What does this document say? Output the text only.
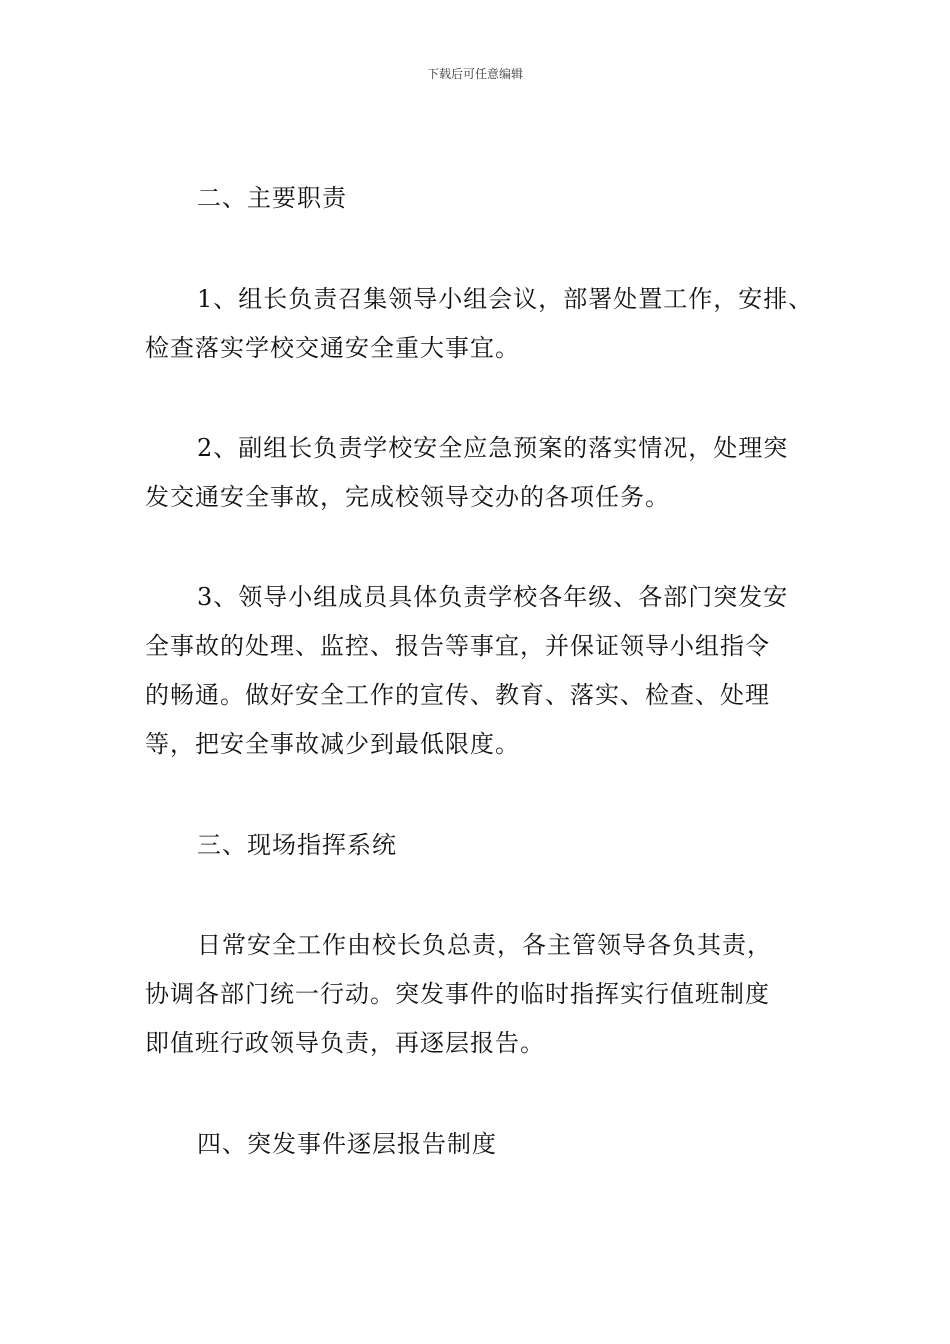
下载后可任意编辑
二、主要职责

1、组长负责召集领导小组会议，部署处置工作，安排、

检查落实学校交通安全重大事宜。

2、副组长负责学校安全应急预案的落实情况，处理突

发交通安全事故，完成校领导交办的各项任务。

3、领导小组成员具体负责学校各年级、各部门突发安

全事故的处理、监控、报告等事宜，并保证领导小组指令

的畅通。做好安全工作的宣传、教育、落实、检查、处理

等，把安全事故减少到最低限度。

三、现场指挥系统

日常安全工作由校长负总责，各主管领导各负其责，

协调各部门统一行动。突发事件的临时指挥实行值班制度

即值班行政领导负责，再逐层报告。

四、突发事件逐层报告制度
